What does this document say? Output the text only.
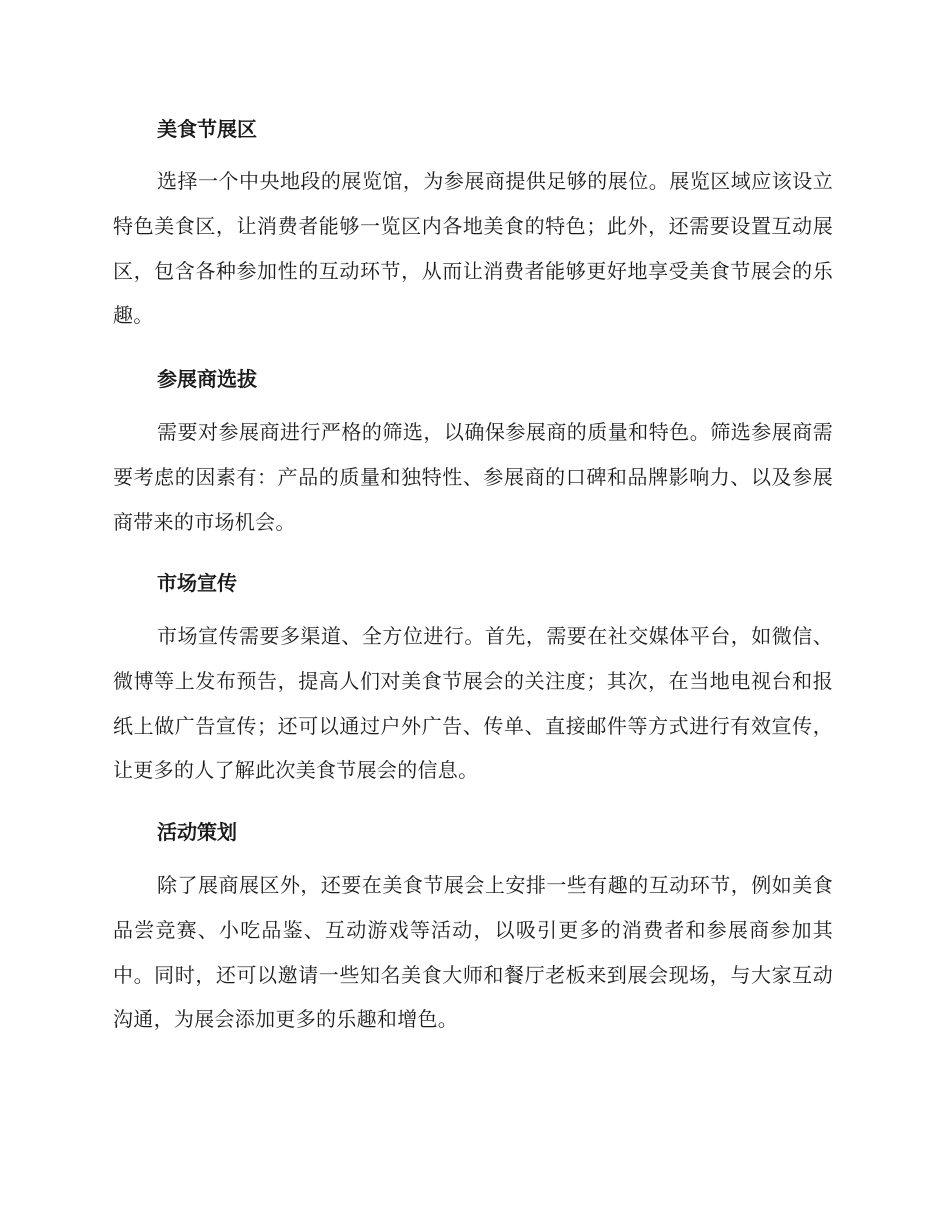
美食节展区

选择一个中央地段的展览馆，为参展商提供足够的展位。展览区域应该设立特色美食区，让消费者能够一览区内各地美食的特色；此外，还需要设置互动展区，包含各种参加性的互动环节，从而让消费者能够更好地享受美食节展会的乐趣。

参展商选拔

需要对参展商进行严格的筛选，以确保参展商的质量和特色。筛选参展商需要考虑的因素有：产品的质量和独特性、参展商的口碑和品牌影响力、以及参展商带来的市场机会。

市场宣传

市场宣传需要多渠道、全方位进行。首先，需要在社交媒体平台，如微信、微博等上发布预告，提高人们对美食节展会的关注度；其次，在当地电视台和报纸上做广告宣传；还可以通过户外广告、传单、直接邮件等方式进行有效宣传，让更多的人了解此次美食节展会的信息。

活动策划

除了展商展区外，还要在美食节展会上安排一些有趣的互动环节，例如美食品尝竞赛、小吃品鉴、互动游戏等活动，以吸引更多的消费者和参展商参加其中。同时，还可以邀请一些知名美食大师和餐厅老板来到展会现场，与大家互动沟通，为展会添加更多的乐趣和增色。
